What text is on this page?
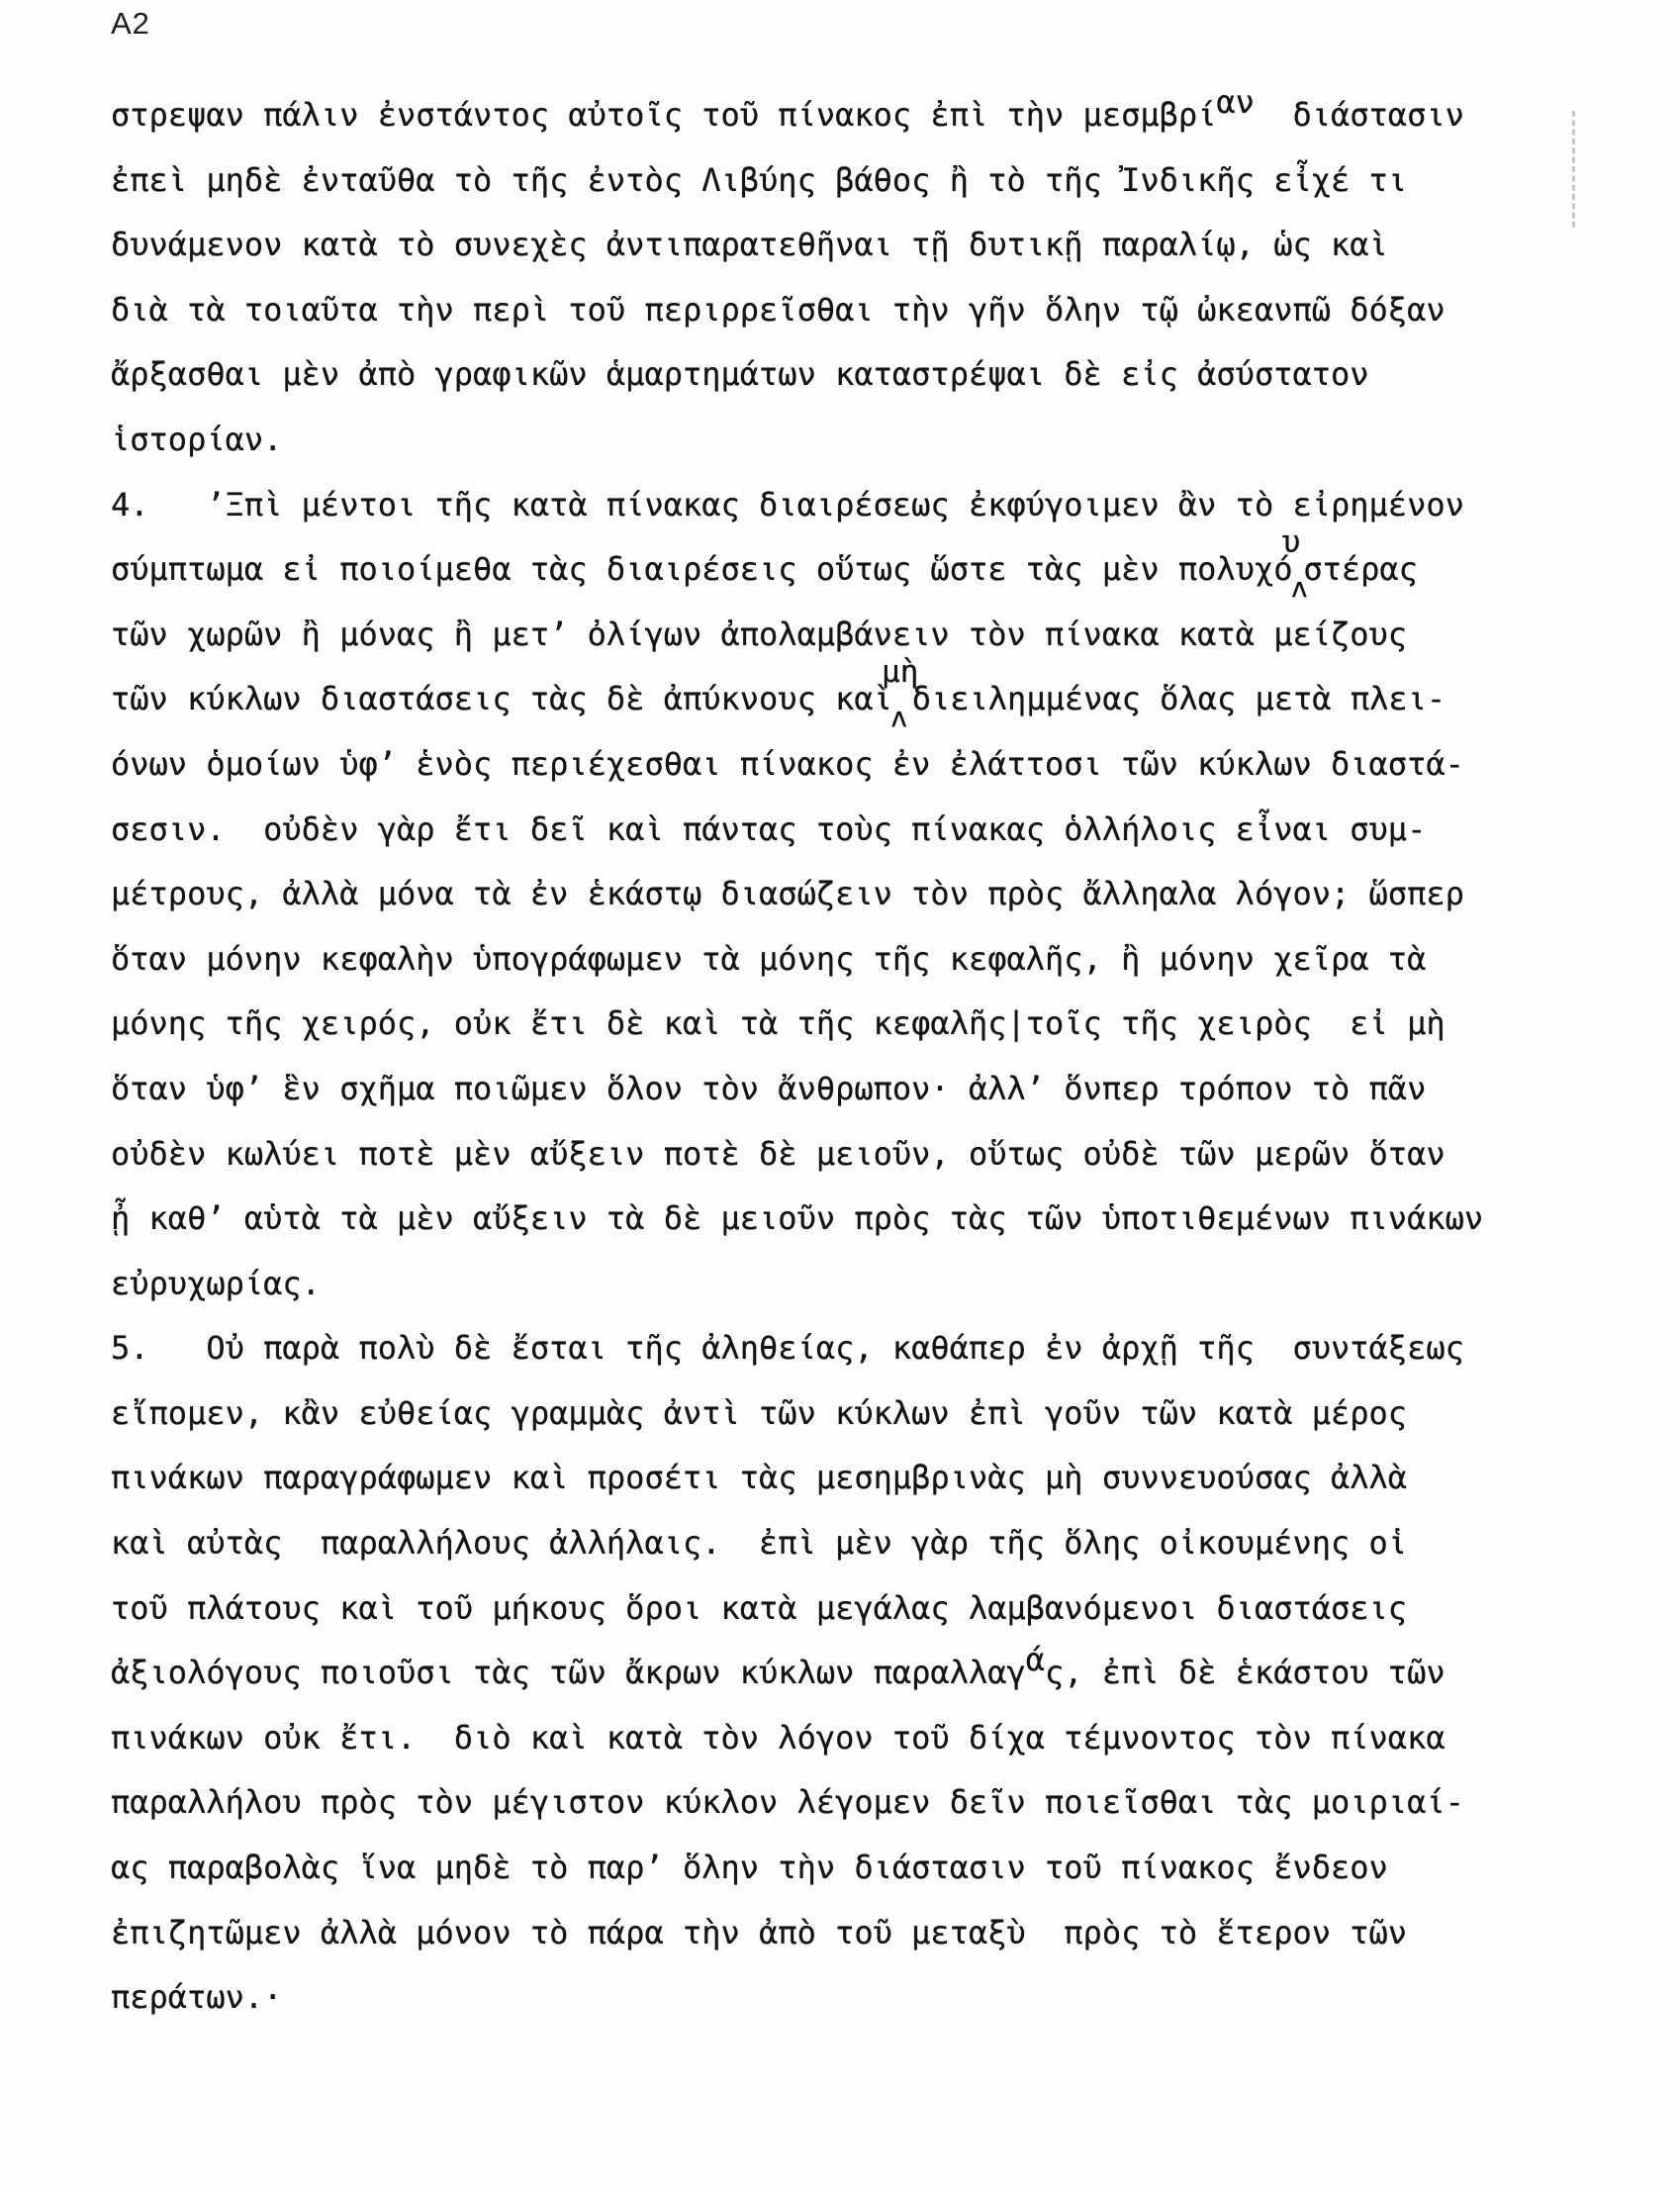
A2
στρεψαν πάλιν ἐνστάντος αὐτοῖς τοῦ πίνακος ἐπὶ τὴν μεσμβρίαν  διάστασιν
ἐπεὶ μηδὲ ἐνταῦθα τὸ τῆς ἐντὸς Λιβύης βάθος ἢ τὸ τῆς Ἰνδικῆς εἶχέ τι
δυνάμενον κατὰ τὸ συνεχὲς ἀντιπαρατεθῆναι τῇ δυτικῇ παραλίῳ, ὡς καὶ
διὰ τὰ τοιαῦτα τὴν περὶ τοῦ περιρρεῖσθαι τὴν γῆν ὅλην τῷ ὠκεανπῶ δόξαν
ἄρξασθαι μὲν ἀπὸ γραφικῶν ἁμαρτημάτων καταστρέψαι δὲ εἰς ἀσύστατον
ἱστορίαν.
4.   ’Ξπὶ μέντοι τῆς κατὰ πίνακας διαιρέσεως ἐκφύγοιμεν ἂν τὸ εἰρημένον
σύμπτωμα εἰ ποιοίμεθα τὰς διαιρέσεις οὕτως ὥστε τὰς μὲν πολυχό
υ
ʌ
στέρας
τῶν χωρῶν ἢ μόνας ἢ μετ’ ὀλίγων ἀπολαμβάνειν τὸν πίνακα κατὰ μείζους
τῶν κύκλων διαστάσεις τὰς δὲ ἀπύκνους καὶ
μὴ
ʌ
διειλημμένας ὅλας μετὰ πλει-
όνων ὁμοίων ὑφ’ ἑνὸς περιέχεσθαι πίνακος ἐν ἐλάττοσι τῶν κύκλων διαστά-
σεσιν.  οὐδὲν γὰρ ἔτι δεῖ καὶ πάντας τοὺς πίνακας ὁλλήλοις εἶναι συμ-
μέτρους, ἀλλὰ μόνα τὰ ἐν ἑκάστῳ διασώζειν τὸν πρὸς ἄλληαλα λόγον; ὥσπερ
ὅταν μόνην κεφαλὴν ὑπογράφωμεν τὰ μόνης τῆς κεφαλῆς, ἢ μόνην χεῖρα τὰ
μόνης τῆς χειρός, οὐκ ἔτι δὲ καὶ τὰ τῆς κεφαλῆς|τοῖς τῆς χειρὸς  εἰ μὴ
ὅταν ὑφ’ ἓν σχῆμα ποιῶμεν ὅλον τὸν ἄνθρωπον· ἀλλ’ ὅνπερ τρόπον τὸ πᾶν
οὐδὲν κωλύει ποτὲ μὲν αὔξειν ποτὲ δὲ μειοῦν, οὕτως οὐδὲ τῶν μερῶν ὅταν
ᾖ καθ’ αὑτὰ τὰ μὲν αὔξειν τὰ δὲ μειοῦν πρὸς τὰς τῶν ὑποτιθεμένων πινάκων
εὐρυχωρίας.
5.   Οὐ παρὰ πολὺ δὲ ἔσται τῆς ἀληθείας, καθάπερ ἐν ἀρχῇ τῆς  συντάξεως
εἴπομεν, κἂν εὐθείας γραμμὰς ἀντὶ τῶν κύκλων ἐπὶ γοῦν τῶν κατὰ μέρος
πινάκων παραγράφωμεν καὶ προσέτι τὰς μεσημβρινὰς μὴ συννευούσας ἀλλὰ
καὶ αὐτὰς  παραλλήλους ἀλλήλαις.  ἐπὶ μὲν γὰρ τῆς ὅλης οἰκουμένης οἱ
τοῦ πλάτους καὶ τοῦ μήκους ὅροι κατὰ μεγάλας λαμβανόμενοι διαστάσεις
ἀξιολόγους ποιοῦσι τὰς τῶν ἄκρων κύκλων παραλλαγάς, ἐπὶ δὲ ἑκάστου τῶν
πινάκων οὐκ ἔτι.  διὸ καὶ κατὰ τὸν λόγον τοῦ δίχα τέμνοντος τὸν πίνακα
παραλλήλου πρὸς τὸν μέγιστον κύκλον λέγομεν δεῖν ποιεῖσθαι τὰς μοιριαί-
ας παραβολὰς ἵνα μηδὲ τὸ παρ’ ὅλην τὴν διάστασιν τοῦ πίνακος ἔνδεον
ἐπιζητῶμεν ἀλλὰ μόνον τὸ πάρα τὴν ἀπὸ τοῦ μεταξὺ  πρὸς τὸ ἕτερον τῶν
περάτων.·
